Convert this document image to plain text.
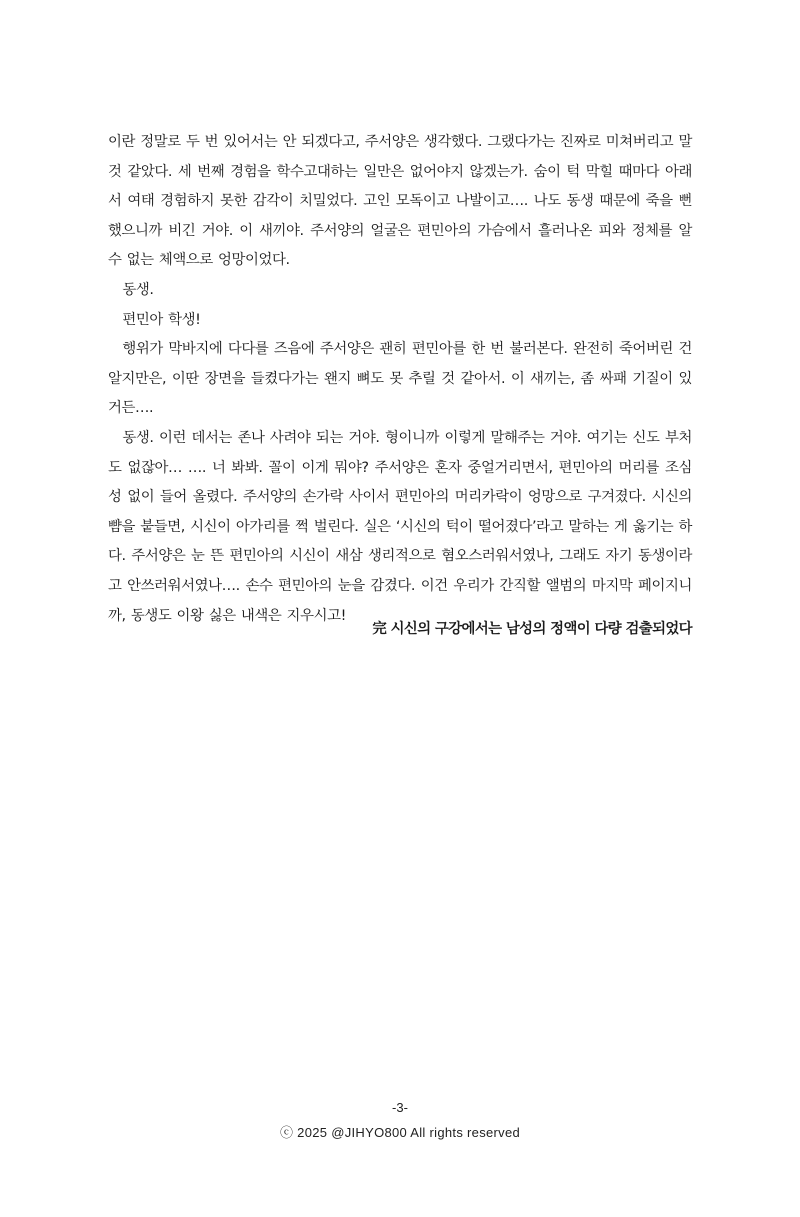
이란 정말로 두 번 있어서는 안 되겠다고, 주서양은 생각했다. 그랬다가는 진짜로 미쳐버리고 말 것 같았다. 세 번째 경험을 학수고대하는 일만은 없어야지 않겠는가. 숨이 턱 막힐 때마다 아래서 여태 경험하지 못한 감각이 치밀었다. 고인 모독이고 나발이고…. 나도 동생 때문에 죽을 뻔했으니까 비긴 거야. 이 새끼야. 주서양의 얼굴은 편민아의 가슴에서 흘러나온 피와 정체를 알 수 없는 체액으로 엉망이었다.

동생.

편민아 학생!

행위가 막바지에 다다를 즈음에 주서양은 괜히 편민아를 한 번 불러본다. 완전히 죽어버린 건 알지만은, 이딴 장면을 들켰다가는 왠지 뼈도 못 추릴 것 같아서. 이 새끼는, 좀 싸패 기질이 있거든….

동생. 이런 데서는 존나 사려야 되는 거야. 형이니까 이렇게 말해주는 거야. 여기는 신도 부처도 없잖아… …. 너 봐봐. 꼴이 이게 뭐야? 주서양은 혼자 중얼거리면서, 편민아의 머리를 조심성 없이 들어 올렸다. 주서양의 손가락 사이서 편민아의 머리카락이 엉망으로 구겨졌다. 시신의 뺨을 붙들면, 시신이 아가리를 쩍 벌린다. 실은 ‘시신의 턱이 떨어졌다’라고 말하는 게 옳기는 하다. 주서양은 눈 뜬 편민아의 시신이 새삼 생리적으로 혐오스러워서였나, 그래도 자기 동생이라고 안쓰러워서였나…. 손수 편민아의 눈을 감겼다. 이건 우리가 간직할 앨범의 마지막 페이지니까, 동생도 이왕 싫은 내색은 지우시고!

完 시신의 구강에서는 남성의 정액이 다량 검출되었다
-3-
ⓒ 2025 @JIHYO800 All rights reserved
